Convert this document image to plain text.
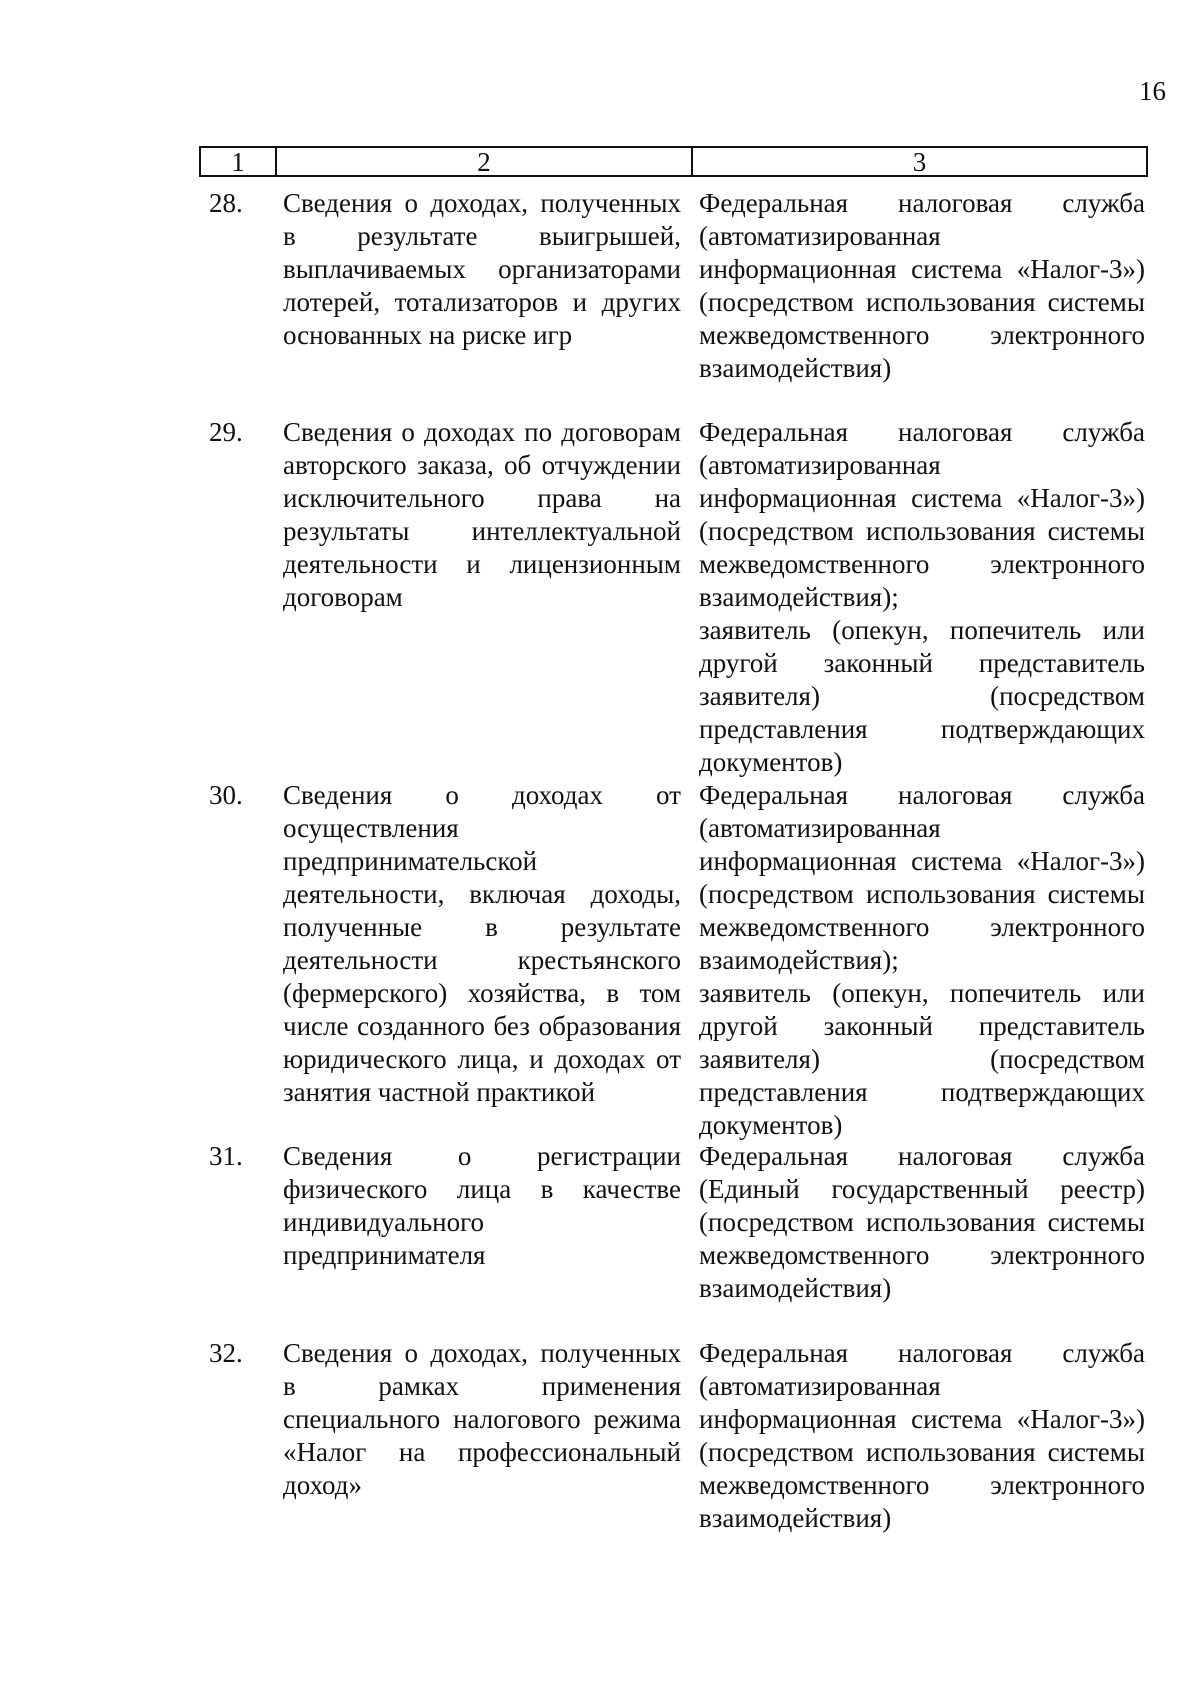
16
1	2	3
28. Сведения о доходах, полученных в результате выигрышей, выплачиваемых организаторами лотерей, тотализаторов и других основанных на риске игр

Федеральная налоговая служба (автоматизированная информационная система «Налог-3») (посредством использования системы межведомственного электронного взаимодействия)

29. Сведения о доходах по договорам авторского заказа, об отчуждении исключительного права на результаты интеллектуальной деятельности и лицензионным договорам

Федеральная налоговая служба (автоматизированная информационная система «Налог-3») (посредством использования системы межведомственного электронного взаимодействия);

заявитель (опекун, попечитель или другой законный представитель заявителя) (посредством представления подтверждающих документов)

30. Сведения о доходах от осуществления предпринимательской деятельности, включая доходы, полученные в результате деятельности крестьянского (фермерского) хозяйства, в том числе созданного без образования юридического лица, и доходах от занятия частной практикой

Федеральная налоговая служба (автоматизированная информационная система «Налог-3») (посредством использования системы межведомственного электронного взаимодействия);

заявитель (опекун, попечитель или другой законный представитель заявителя) (посредством представления подтверждающих документов)

31. Сведения о регистрации физического лица в качестве индивидуального предпринимателя

Федеральная налоговая служба (Единый государственный реестр) (посредством использования системы межведомственного электронного взаимодействия)

32. Сведения о доходах, полученных в рамках применения специального налогового режима «Налог на профессиональный доход»

Федеральная налоговая служба (автоматизированная информационная система «Налог-3») (посредством использования системы межведомственного электронного взаимодействия)
